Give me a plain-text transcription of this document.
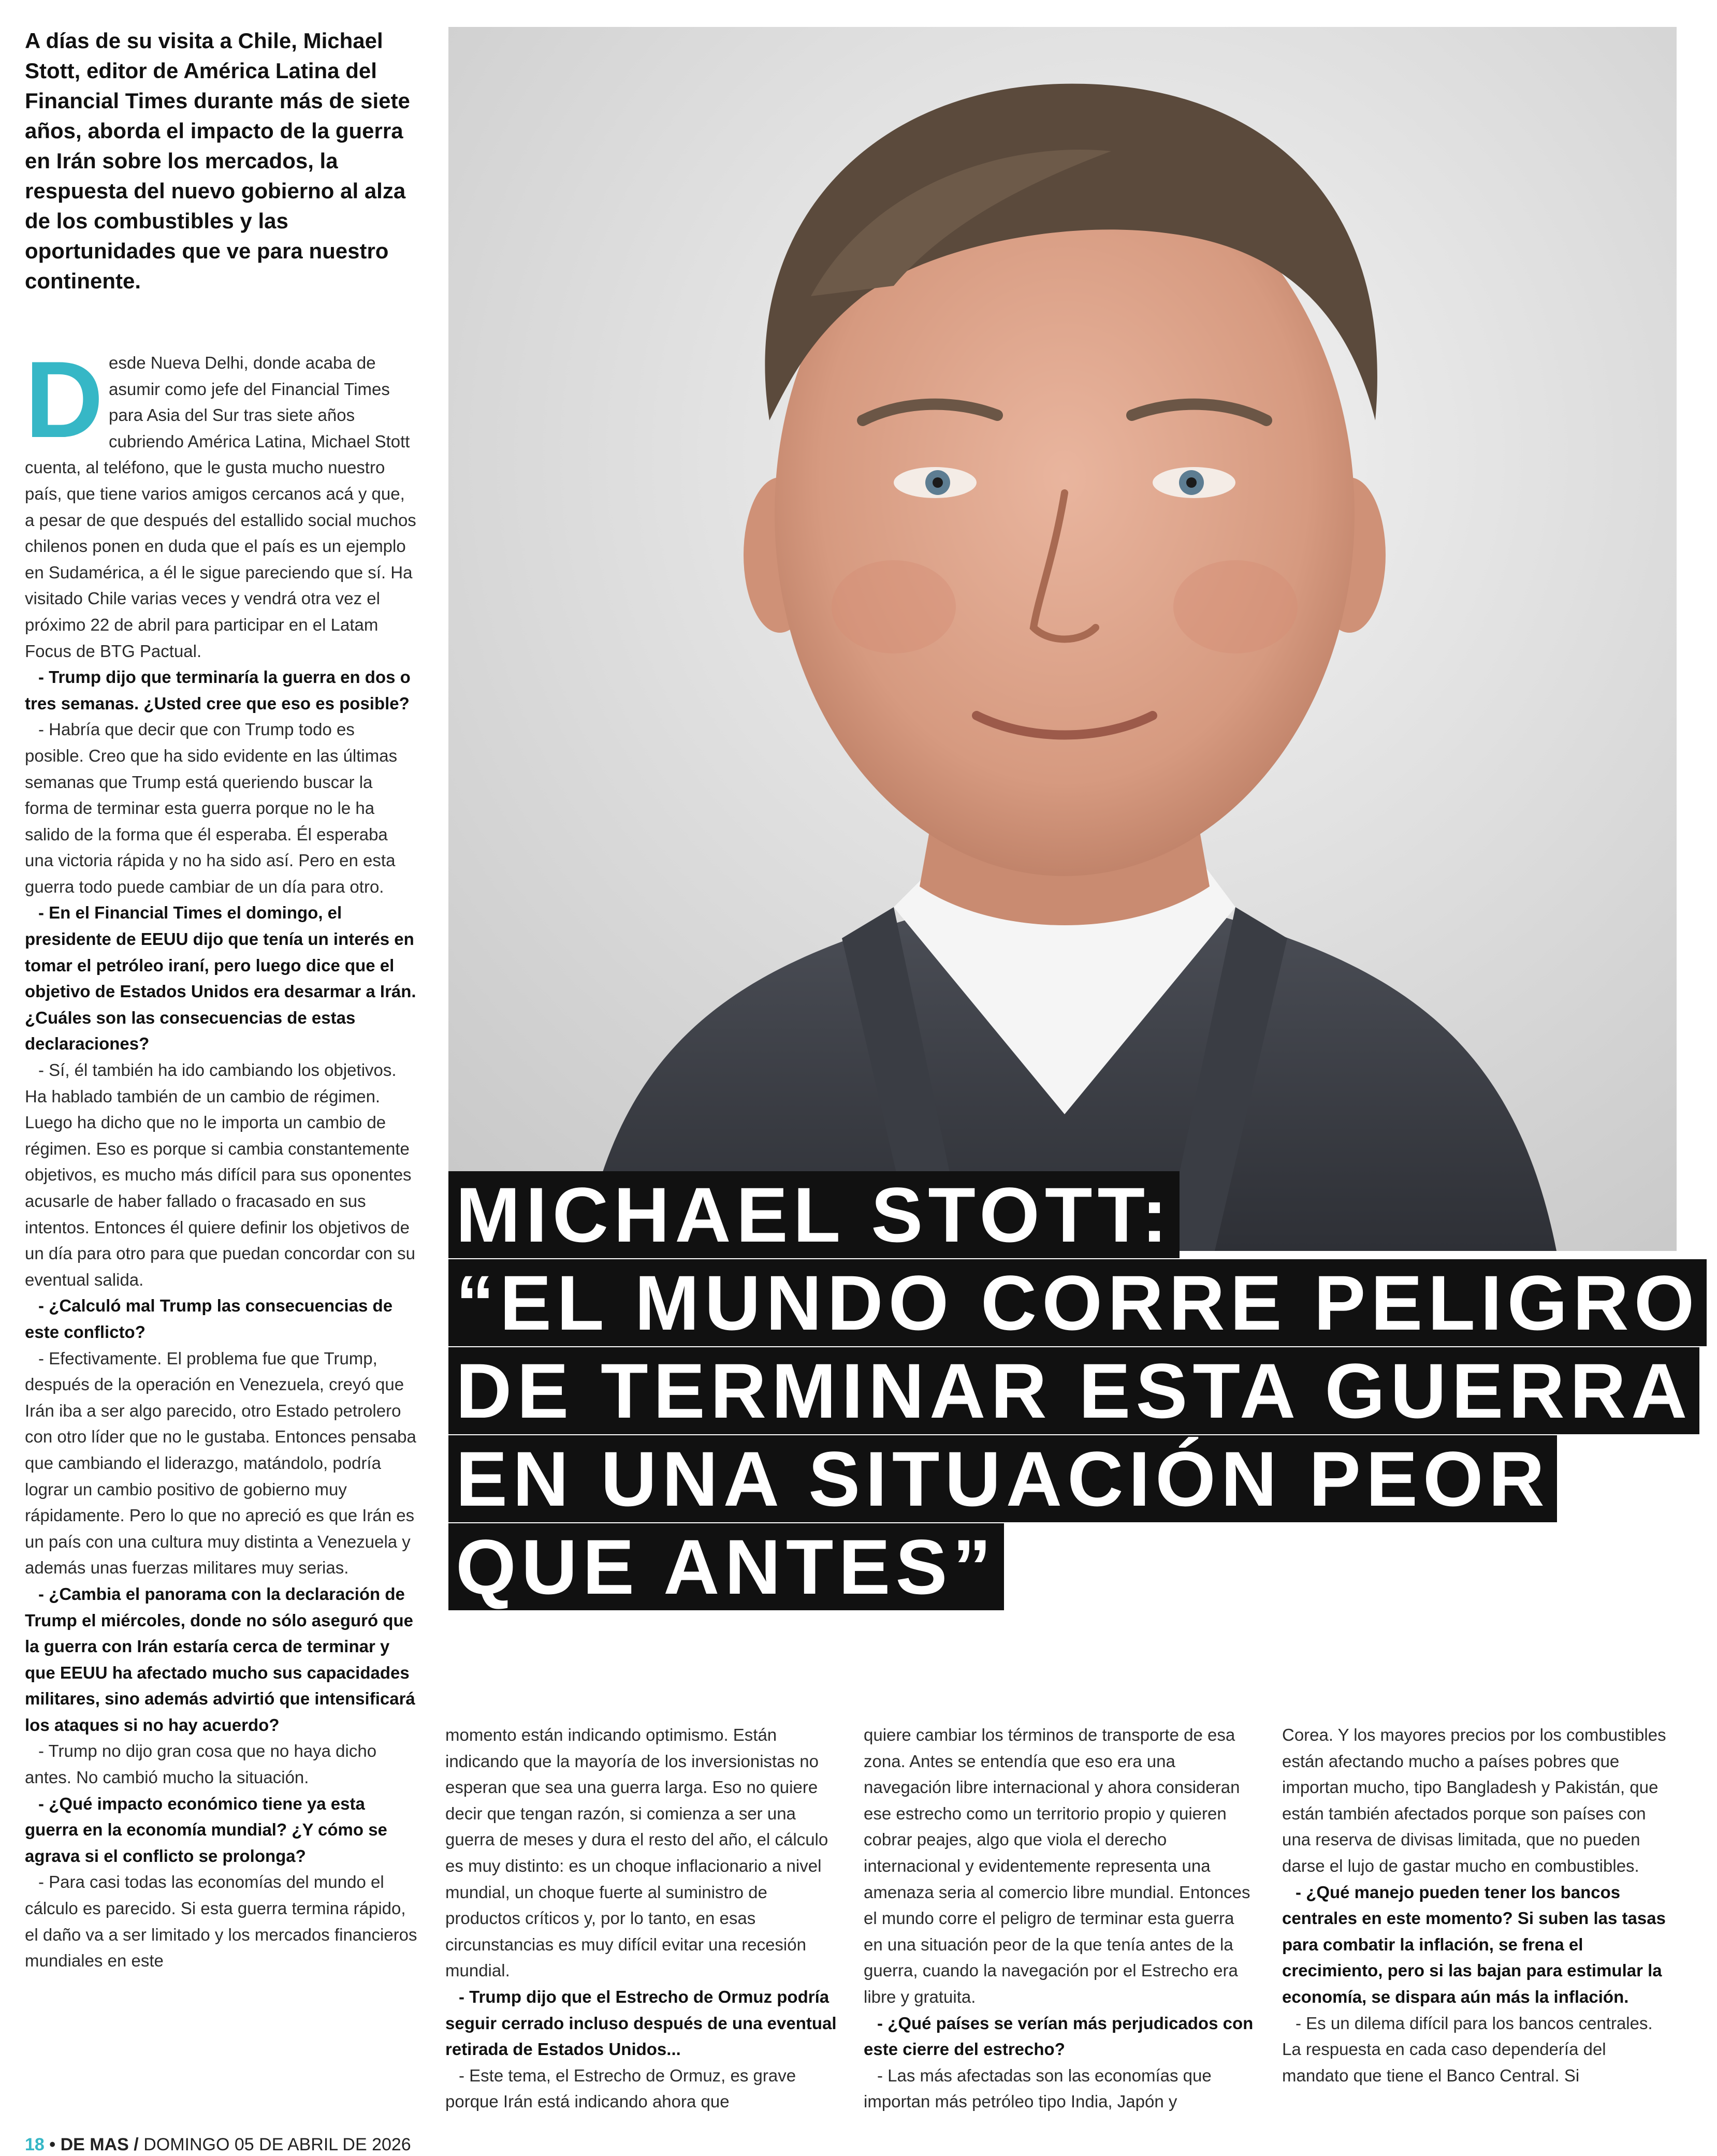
A días de su visita a Chile, Michael Stott, editor de América Latina del Financial Times durante más de siete años, aborda el impacto de la guerra en Irán sobre los mercados, la respuesta del nuevo gobierno al alza de los combustibles y las oportunidades que ve para nuestro continente.

Desde Nueva Delhi, donde acaba de asumir como jefe del Financial Times para Asia del Sur tras siete años cubriendo América Latina, Michael Stott cuenta, al teléfono, que le gusta mucho nuestro país, que tiene varios amigos cercanos acá y que, a pesar de que después del estallido social muchos chilenos ponen en duda que el país es un ejemplo en Sudamérica, a él le sigue pareciendo que sí. Ha visitado Chile varias veces y vendrá otra vez el próximo 22 de abril para participar en el Latam Focus de BTG Pactual.

- Trump dijo que terminaría la guerra en dos o tres semanas. ¿Usted cree que eso es posible?

- Habría que decir que con Trump todo es posible. Creo que ha sido evidente en las últimas semanas que Trump está queriendo buscar la forma de terminar esta guerra porque no le ha salido de la forma que él esperaba. Él esperaba una victoria rápida y no ha sido así. Pero en esta guerra todo puede cambiar de un día para otro.

- En el Financial Times el domingo, el presidente de EEUU dijo que tenía un interés en tomar el petróleo iraní, pero luego dice que el objetivo de Estados Unidos era desarmar a Irán. ¿Cuáles son las consecuencias de estas declaraciones?

- Sí, él también ha ido cambiando los objetivos. Ha hablado también de un cambio de régimen. Luego ha dicho que no le importa un cambio de régimen. Eso es porque si cambia constantemente objetivos, es mucho más difícil para sus oponentes acusarle de haber fallado o fracasado en sus intentos. Entonces él quiere definir los objetivos de un día para otro para que puedan concordar con su eventual salida.

- ¿Calculó mal Trump las consecuencias de este conflicto?

- Efectivamente. El problema fue que Trump, después de la operación en Venezuela, creyó que Irán iba a ser algo parecido, otro Estado petrolero con otro líder que no le gustaba. Entonces pensaba que cambiando el liderazgo, matándolo, podría lograr un cambio positivo de gobierno muy rápidamente. Pero lo que no apreció es que Irán es un país con una cultura muy distinta a Venezuela y además unas fuerzas militares muy serias.

- ¿Cambia el panorama con la declaración de Trump el miércoles, donde no sólo aseguró que la guerra con Irán estaría cerca de terminar y que EEUU ha afectado mucho sus capacidades militares, sino además advirtió que intensificará los ataques si no hay acuerdo?

- Trump no dijo gran cosa que no haya dicho antes. No cambió mucho la situación.

- ¿Qué impacto económico tiene ya esta guerra en la economía mundial? ¿Y cómo se agrava si el conflicto se prolonga?

- Para casi todas las economías del mundo el cálculo es parecido. Si esta guerra termina rápido, el daño va a ser limitado y los mercados financieros mundiales en este

MICHAEL STOTT:
“EL MUNDO CORRE PELIGRO
DE TERMINAR ESTA GUERRA
EN UNA SITUACIÓN PEOR
QUE ANTES”

momento están indicando optimismo. Están indicando que la mayoría de los inversionistas no esperan que sea una guerra larga. Eso no quiere decir que tengan razón, si comienza a ser una guerra de meses y dura el resto del año, el cálculo es muy distinto: es un choque inflacionario a nivel mundial, un choque fuerte al suministro de productos críticos y, por lo tanto, en esas circunstancias es muy difícil evitar una recesión mundial.

- Trump dijo que el Estrecho de Ormuz podría seguir cerrado incluso después de una eventual retirada de Estados Unidos...

- Este tema, el Estrecho de Ormuz, es grave porque Irán está indicando ahora que

quiere cambiar los términos de transporte de esa zona. Antes se entendía que eso era una navegación libre internacional y ahora consideran ese estrecho como un territorio propio y quieren cobrar peajes, algo que viola el derecho internacional y evidentemente representa una amenaza seria al comercio libre mundial. Entonces el mundo corre el peligro de terminar esta guerra en una situación peor de la que tenía antes de la guerra, cuando la navegación por el Estrecho era libre y gratuita.

- ¿Qué países se verían más perjudicados con este cierre del estrecho?

- Las más afectadas son las economías que importan más petróleo tipo India, Japón y

Corea. Y los mayores precios por los combustibles están afectando mucho a países pobres que importan mucho, tipo Bangladesh y Pakistán, que están también afectados porque son países con una reserva de divisas limitada, que no pueden darse el lujo de gastar mucho en combustibles.

- ¿Qué manejo pueden tener los bancos centrales en este momento? Si suben las tasas para combatir la inflación, se frena el crecimiento, pero si las bajan para estimular la economía, se dispara aún más la inflación.

- Es un dilema difícil para los bancos centrales. La respuesta en cada caso dependería del mandato que tiene el Banco Central. Si

18 • DE MAS / DOMINGO 05 DE ABRIL DE 2026
